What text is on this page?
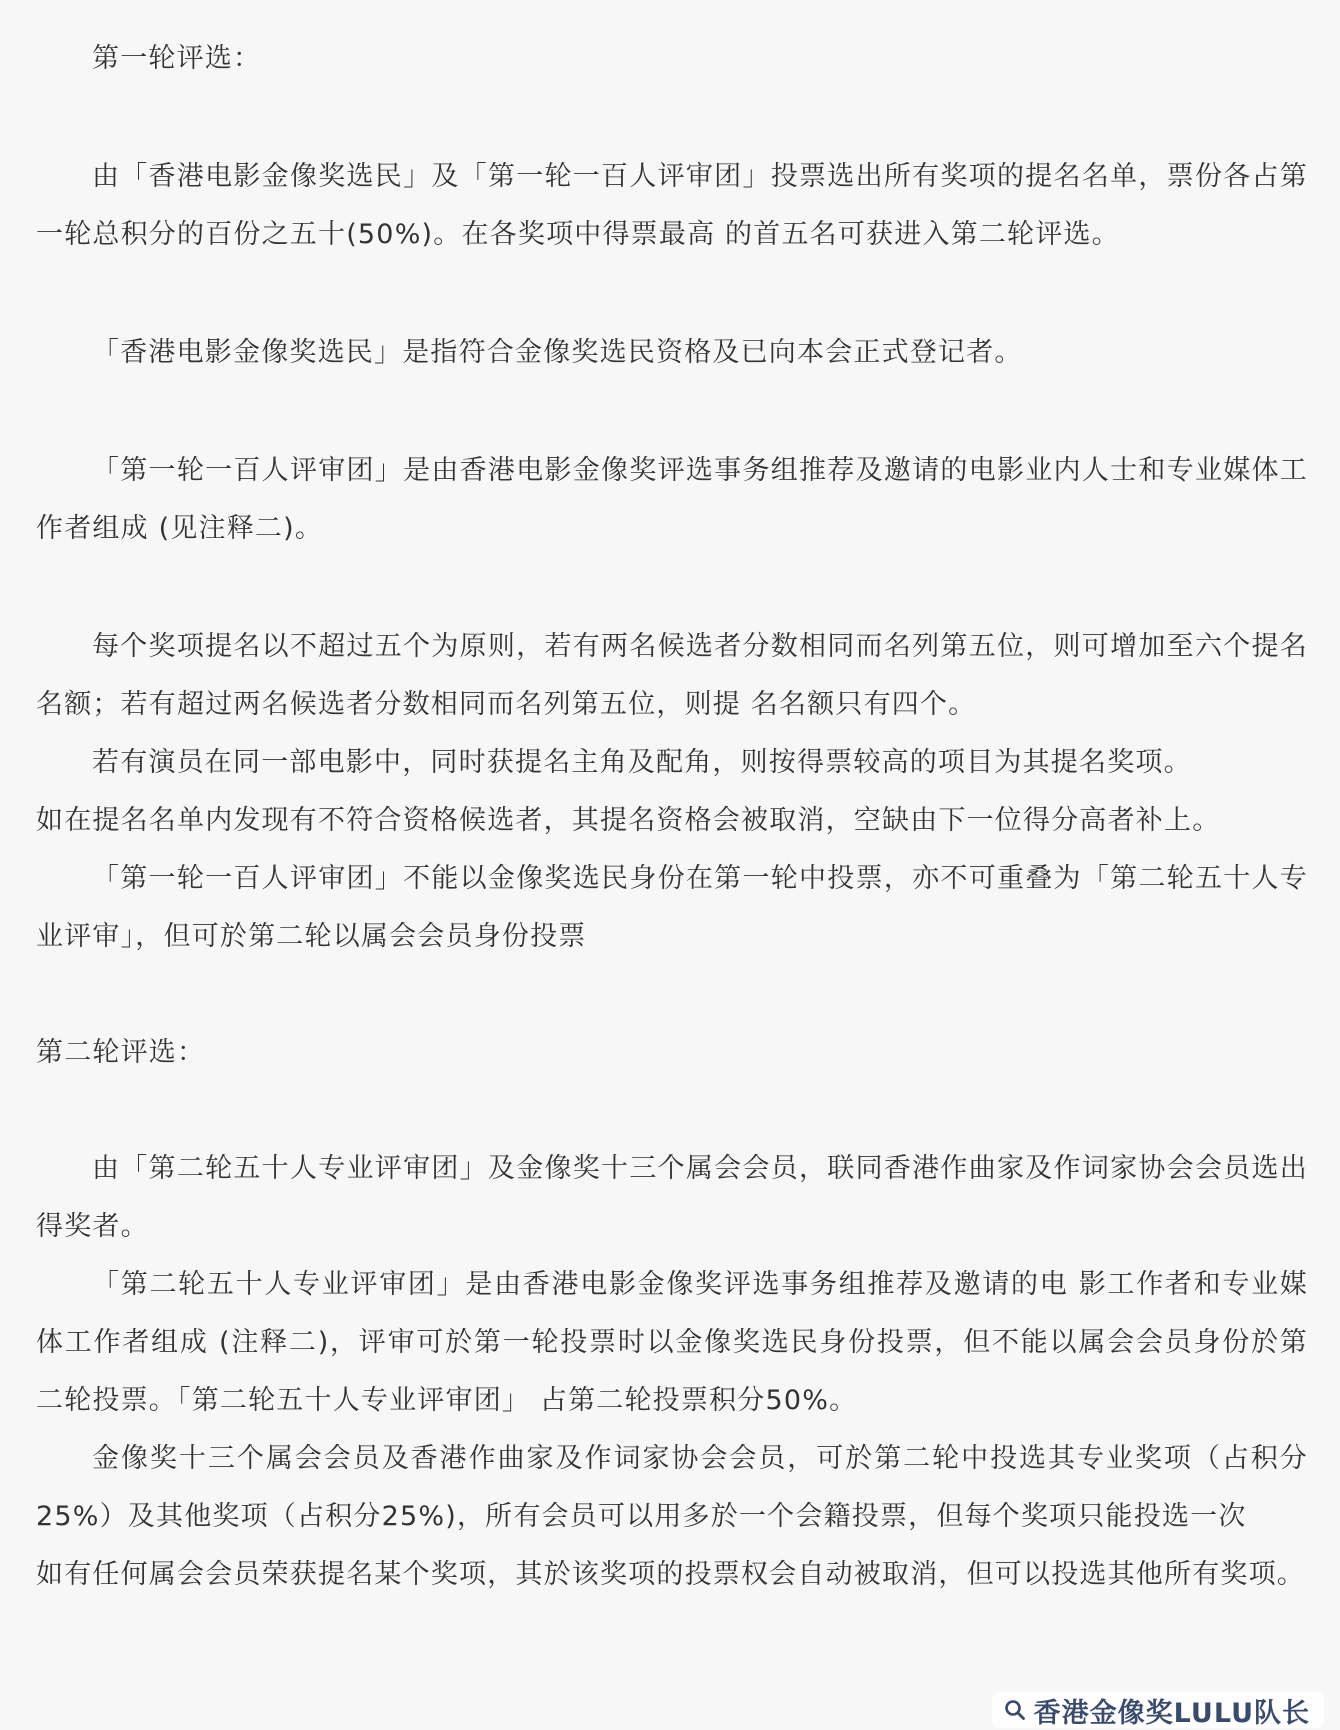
第一轮评选：

由「香港电影金像奖选民」及「第一轮一百人评审团」投票选出所有奖项的提名名单，票份各占第一轮总积分的百份之五十(50%)。在各奖项中得票最高 的首五名可获进入第二轮评选。

「香港电影金像奖选民」是指符合金像奖选民资格及已向本会正式登记者。

「第一轮一百人评审团」是由香港电影金像奖评选事务组推荐及邀请的电影业内人士和专业媒体工作者组成 (见注释二)。

每个奖项提名以不超过五个为原则，若有两名候选者分数相同而名列第五位，则可增加至六个提名名额；若有超过两名候选者分数相同而名列第五位，则提 名名额只有四个。

若有演员在同一部电影中，同时获提名主角及配角，则按得票较高的项目为其提名奖项。

如在提名名单内发现有不符合资格候选者，其提名资格会被取消，空缺由下一位得分高者补上。

「第一轮一百人评审团」不能以金像奖选民身份在第一轮中投票，亦不可重叠为「第二轮五十人专业评审」，但可於第二轮以属会会员身份投票

第二轮评选：

由「第二轮五十人专业评审团」及金像奖十三个属会会员，联同香港作曲家及作词家协会会员选出得奖者。

「第二轮五十人专业评审团」是由香港电影金像奖评选事务组推荐及邀请的电 影工作者和专业媒体工作者组成 (注释二)，评审可於第一轮投票时以金像奖选民身份投票，但不能以属会会员身份於第二轮投票。「第二轮五十人专业评审团」 占第二轮投票积分50%。

金像奖十三个属会会员及香港作曲家及作词家协会会员，可於第二轮中投选其专业奖项（占积分25%）及其他奖项（占积分25%)，所有会员可以用多於一个会籍投票，但每个奖项只能投选一次

如有任何属会会员荣获提名某个奖项，其於该奖项的投票权会自动被取消，但可以投选其他所有奖项。

香港金像奖LULU队长
